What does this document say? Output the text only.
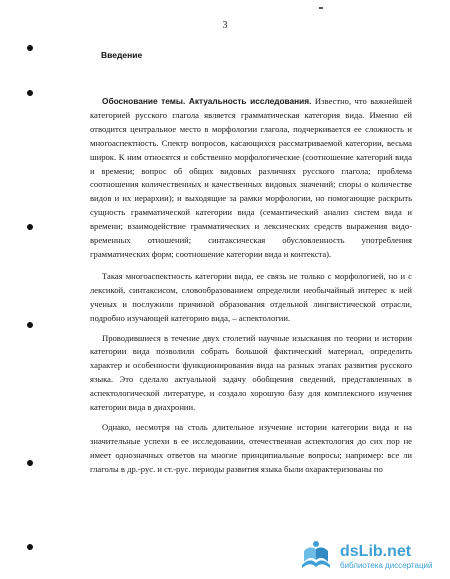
3
Введение

Обоснование темы. Актуальность исследования. Известно, что важнейшей категорией русского глагола является грамматическая категория вида. Именно ей отводится центральное место в морфологии глагола, подчеркивается ее сложность и многоаспектность. Спектр вопросов, касающихся рассматриваемой категории, весьма широк. К ним относятся и собственно морфологические (соотношение категорий вида и времени; вопрос об общих видовых различиях русского глагола; проблема соотношения количественных и качественных видовых значений; споры о количестве видов и их иерархии); и выходящие за рамки морфологии, но помогающие раскрыть сущность грамматической категории вида (семантический анализ систем вида и времени; взаимодействие грамматических и лексических средств выражения видо-временных отношений; синтаксическая обусловленность употребления грамматических форм; соотношение категории вида и контекста).

Такая многоаспектность категории вида, ее связь не только с морфологией, но и с лексикой, синтаксисом, словообразованием определили необычайный интерес к ней ученых и послужили причиной образования отдельной лингвистической отрасли, подробно изучающей категорию вида, – аспектологии.

Проводившиеся в течение двух столетий научные изыскания по теории и истории категории вида позволили собрать большой фактический материал, определить характер и особенности функционирования вида на разных этапах развития русского языка. Это сделало актуальной задачу обобщения сведений, представленных в аспектологической литературе, и создало хорошую базу для комплексного изучения категории вида в диахронии.

Однако, несмотря на столь длительное изучение истории категории вида и на значительные успехи в ее исследовании, отечественная аспектология до сих пор не имеет однозначных ответов на многие принципиальные вопросы; например: все ли глаголы в др.-рус. и ст.-рус. периоды развития языка были охарактеризованы по

dsLib.net
библиотека диссертаций
